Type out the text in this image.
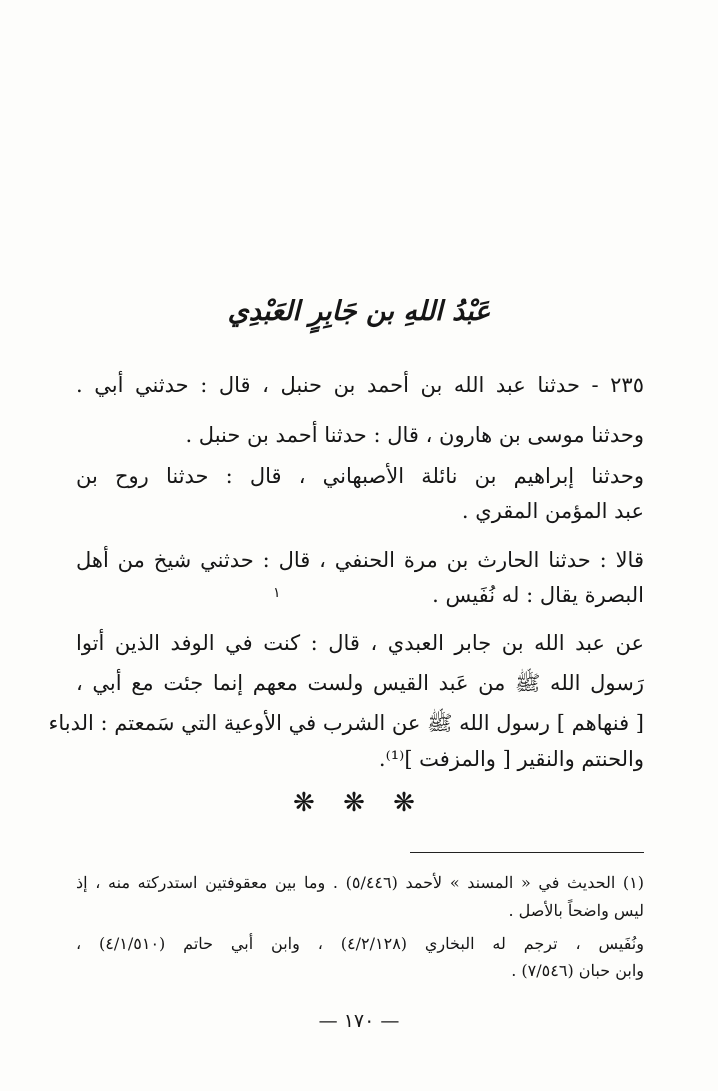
عَبْدُ اللهِ بن جَابِرٍ العَبْدِي
٢٣٥ - حدثنا عبد الله بن أحمد بن حنبل ، قال : حدثني أبي .
وحدثنا موسى بن هارون ، قال : حدثنا أحمد بن حنبل .
وحدثنا إبراهيم بن نائلة الأصبهاني ، قال : حدثنا روح بن
عبد المؤمن المقري .
قالا : حدثنا الحارث بن مرة الحنفي ، قال : حدثني شيخ من أهل
البصرة يقال : له نُفَيس .
١
عن عبد الله بن جابر العبدي ، قال : كنت في الوفد الذين أتوا
رَسول الله ﷺ من عَبد القيس ولست معهم إنما جئت مع أبي ،
[ فنهاهم ] رسول الله ﷺ عن الشرب في الأوعية التي سَمعتم : الدباء
والحنتم والنقير [ والمزفت ]⁽¹⁾.
❋ ❋ ❋
(١) الحديث في « المسند » لأحمد (٥/٤٤٦) . وما بين معقوفتين استدركته منه ، إذ
ليس واضحاً بالأصل .
ونُفَيس ، ترجم له البخاري (٤/٢/١٢٨) ، وابن أبي حاتم (٤/١/٥١٠) ،
وابن حبان (٧/٥٤٦) .
— ١٧٠ —
